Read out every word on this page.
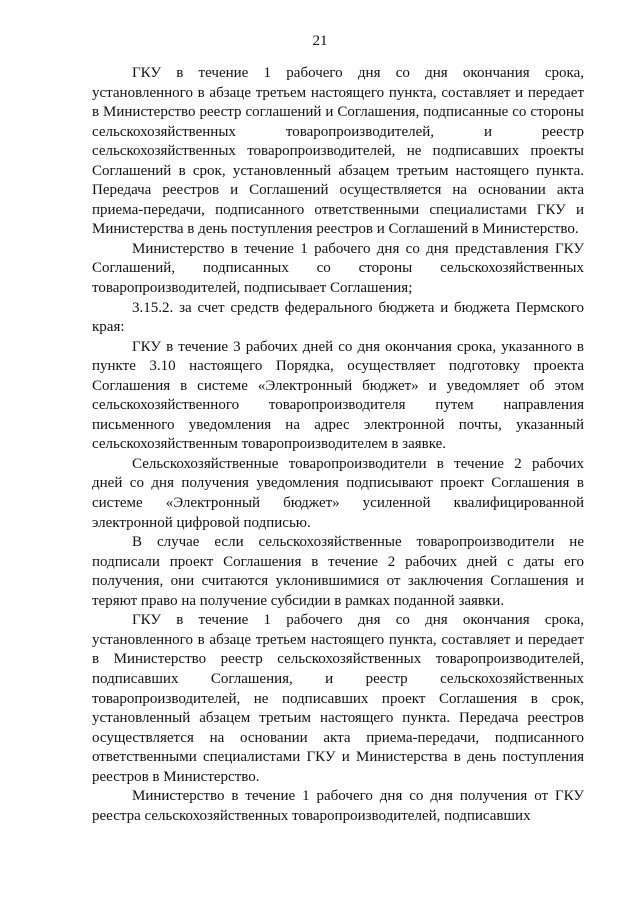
21

ГКУ в течение 1 рабочего дня со дня окончания срока, установленного в абзаце третьем настоящего пункта, составляет и передает в Министерство реестр соглашений и Соглашения, подписанные со стороны сельскохозяйственных товаропроизводителей, и реестр сельскохозяйственных товаропроизводителей, не подписавших проекты Соглашений в срок, установленный абзацем третьим настоящего пункта. Передача реестров и Соглашений осуществляется на основании акта приема-передачи, подписанного ответственными специалистами ГКУ и Министерства в день поступления реестров и Соглашений в Министерство.

Министерство в течение 1 рабочего дня со дня представления ГКУ Соглашений, подписанных со стороны сельскохозяйственных товаропроизводителей, подписывает Соглашения;

3.15.2. за счет средств федерального бюджета и бюджета Пермского края:

ГКУ в течение 3 рабочих дней со дня окончания срока, указанного в пункте 3.10 настоящего Порядка, осуществляет подготовку проекта Соглашения в системе «Электронный бюджет» и уведомляет об этом сельскохозяйственного товаропроизводителя путем направления письменного уведомления на адрес электронной почты, указанный сельскохозяйственным товаропроизводителем в заявке.

Сельскохозяйственные товаропроизводители в течение 2 рабочих дней со дня получения уведомления подписывают проект Соглашения в системе «Электронный бюджет» усиленной квалифицированной электронной цифровой подписью.

В случае если сельскохозяйственные товаропроизводители не подписали проект Соглашения в течение 2 рабочих дней с даты его получения, они считаются уклонившимися от заключения Соглашения и теряют право на получение субсидии в рамках поданной заявки.

ГКУ в течение 1 рабочего дня со дня окончания срока, установленного в абзаце третьем настоящего пункта, составляет и передает в Министерство реестр сельскохозяйственных товаропроизводителей, подписавших Соглашения, и реестр сельскохозяйственных товаропроизводителей, не подписавших проект Соглашения в срок, установленный абзацем третьим настоящего пункта. Передача реестров осуществляется на основании акта приема-передачи, подписанного ответственными специалистами ГКУ и Министерства в день поступления реестров в Министерство.

Министерство в течение 1 рабочего дня со дня получения от ГКУ реестра сельскохозяйственных товаропроизводителей, подписавших
